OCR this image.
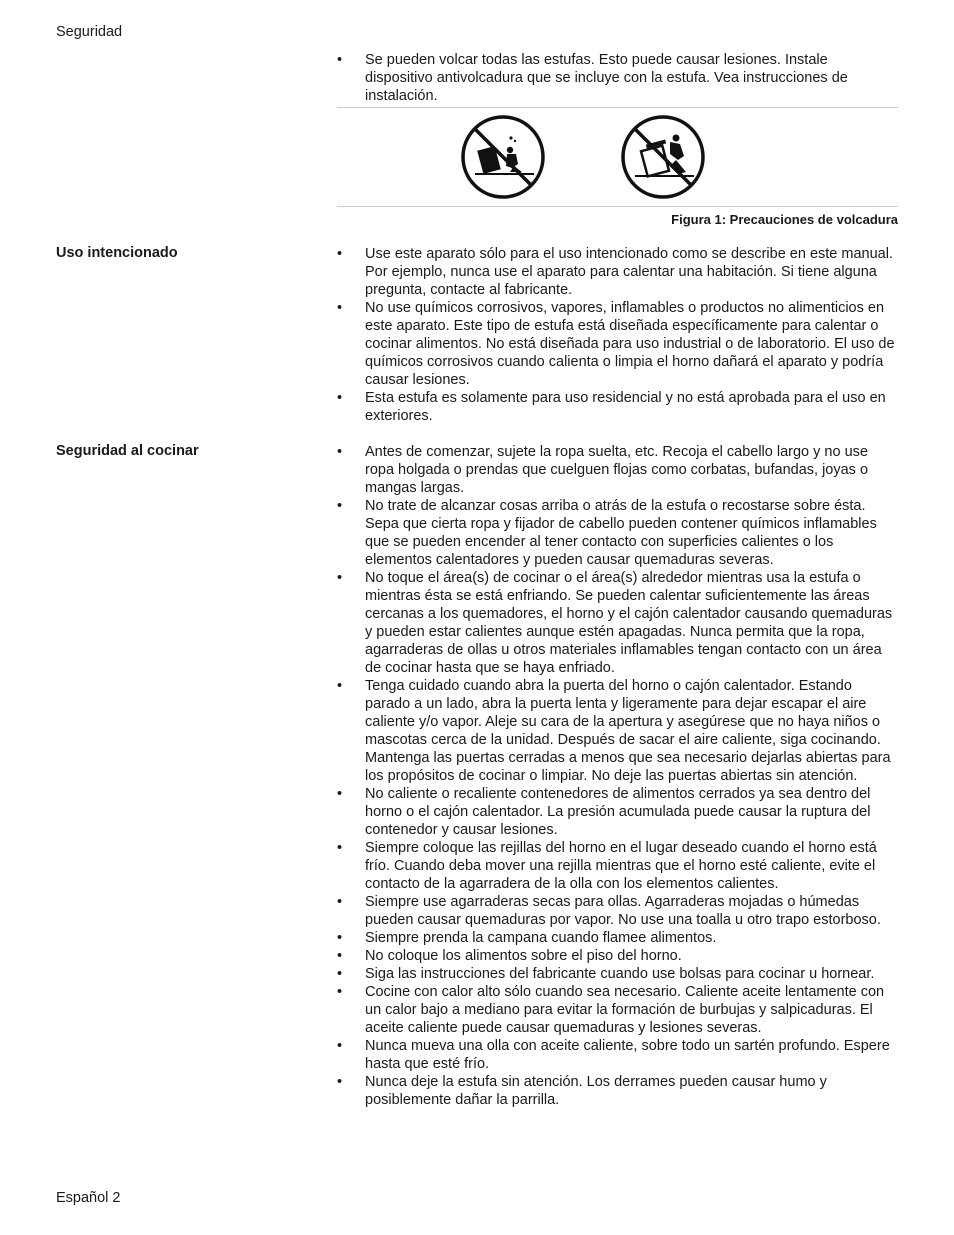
Seguridad
• Se pueden volcar todas las estufas. Esto puede causar lesiones. Instale dispositivo antivolcadura que se incluye con la estufa. Vea instrucciones de instalación.
Figura 1: Precauciones de volcadura
Uso intencionado	• Use este aparato sólo para el uso intencionado como se describe en este manual. Por ejemplo, nunca use el aparato para calentar una habitación. Si tiene alguna pregunta, contacte al fabricante.
• No use químicos corrosivos, vapores, inflamables o productos no alimenticios en este aparato. Este tipo de estufa está diseñada específicamente para calentar o cocinar alimentos. No está diseñada para uso industrial o de laboratorio. El uso de químicos corrosivos cuando calienta o limpia el horno dañará el aparato y podría causar lesiones.
• Esta estufa es solamente para uso residencial y no está aprobada para el uso en exteriores.
Seguridad al cocinar	• Antes de comenzar, sujete la ropa suelta, etc. Recoja el cabello largo y no use ropa holgada o prendas que cuelguen flojas como corbatas, bufandas, joyas o mangas largas.
• No trate de alcanzar cosas arriba o atrás de la estufa o recostarse sobre ésta. Sepa que cierta ropa y fijador de cabello pueden contener químicos inflamables que se pueden encender al tener contacto con superficies calientes o los elementos calentadores y pueden causar quemaduras severas.
• No toque el área(s) de cocinar o el área(s) alrededor mientras usa la estufa o mientras ésta se está enfriando. Se pueden calentar suficientemente las áreas cercanas a los quemadores, el horno y el cajón calentador causando quemaduras y pueden estar calientes aunque estén apagadas. Nunca permita que la ropa, agarraderas de ollas u otros materiales inflamables tengan contacto con un área de cocinar hasta que se haya enfriado.
• Tenga cuidado cuando abra la puerta del horno o cajón calentador. Estando parado a un lado, abra la puerta lenta y ligeramente para dejar escapar el aire caliente y/o vapor. Aleje su cara de la apertura y asegúrese que no haya niños o mascotas cerca de la unidad. Después de sacar el aire caliente, siga cocinando. Mantenga las puertas cerradas a menos que sea necesario dejarlas abiertas para los propósitos de cocinar o limpiar. No deje las puertas abiertas sin atención.
• No caliente o recaliente contenedores de alimentos cerrados ya sea dentro del horno o el cajón calentador. La presión acumulada puede causar la ruptura del contenedor y causar lesiones.
• Siempre coloque las rejillas del horno en el lugar deseado cuando el horno está frío. Cuando deba mover una rejilla mientras que el horno esté caliente, evite el contacto de la agarradera de la olla con los elementos calientes.
• Siempre use agarraderas secas para ollas. Agarraderas mojadas o húmedas pueden causar quemaduras por vapor. No use una toalla u otro trapo estorboso.
• Siempre prenda la campana cuando flamee alimentos.
• No coloque los alimentos sobre el piso del horno.
• Siga las instrucciones del fabricante cuando use bolsas para cocinar u hornear.
• Cocine con calor alto sólo cuando sea necesario. Caliente aceite lentamente con un calor bajo a mediano para evitar la formación de burbujas y salpicaduras. El aceite caliente puede causar quemaduras y lesiones severas.
• Nunca mueva una olla con aceite caliente, sobre todo un sartén profundo. Espere hasta que esté frío.
• Nunca deje la estufa sin atención. Los derrames pueden causar humo y posiblemente dañar la parrilla.
Español 2
